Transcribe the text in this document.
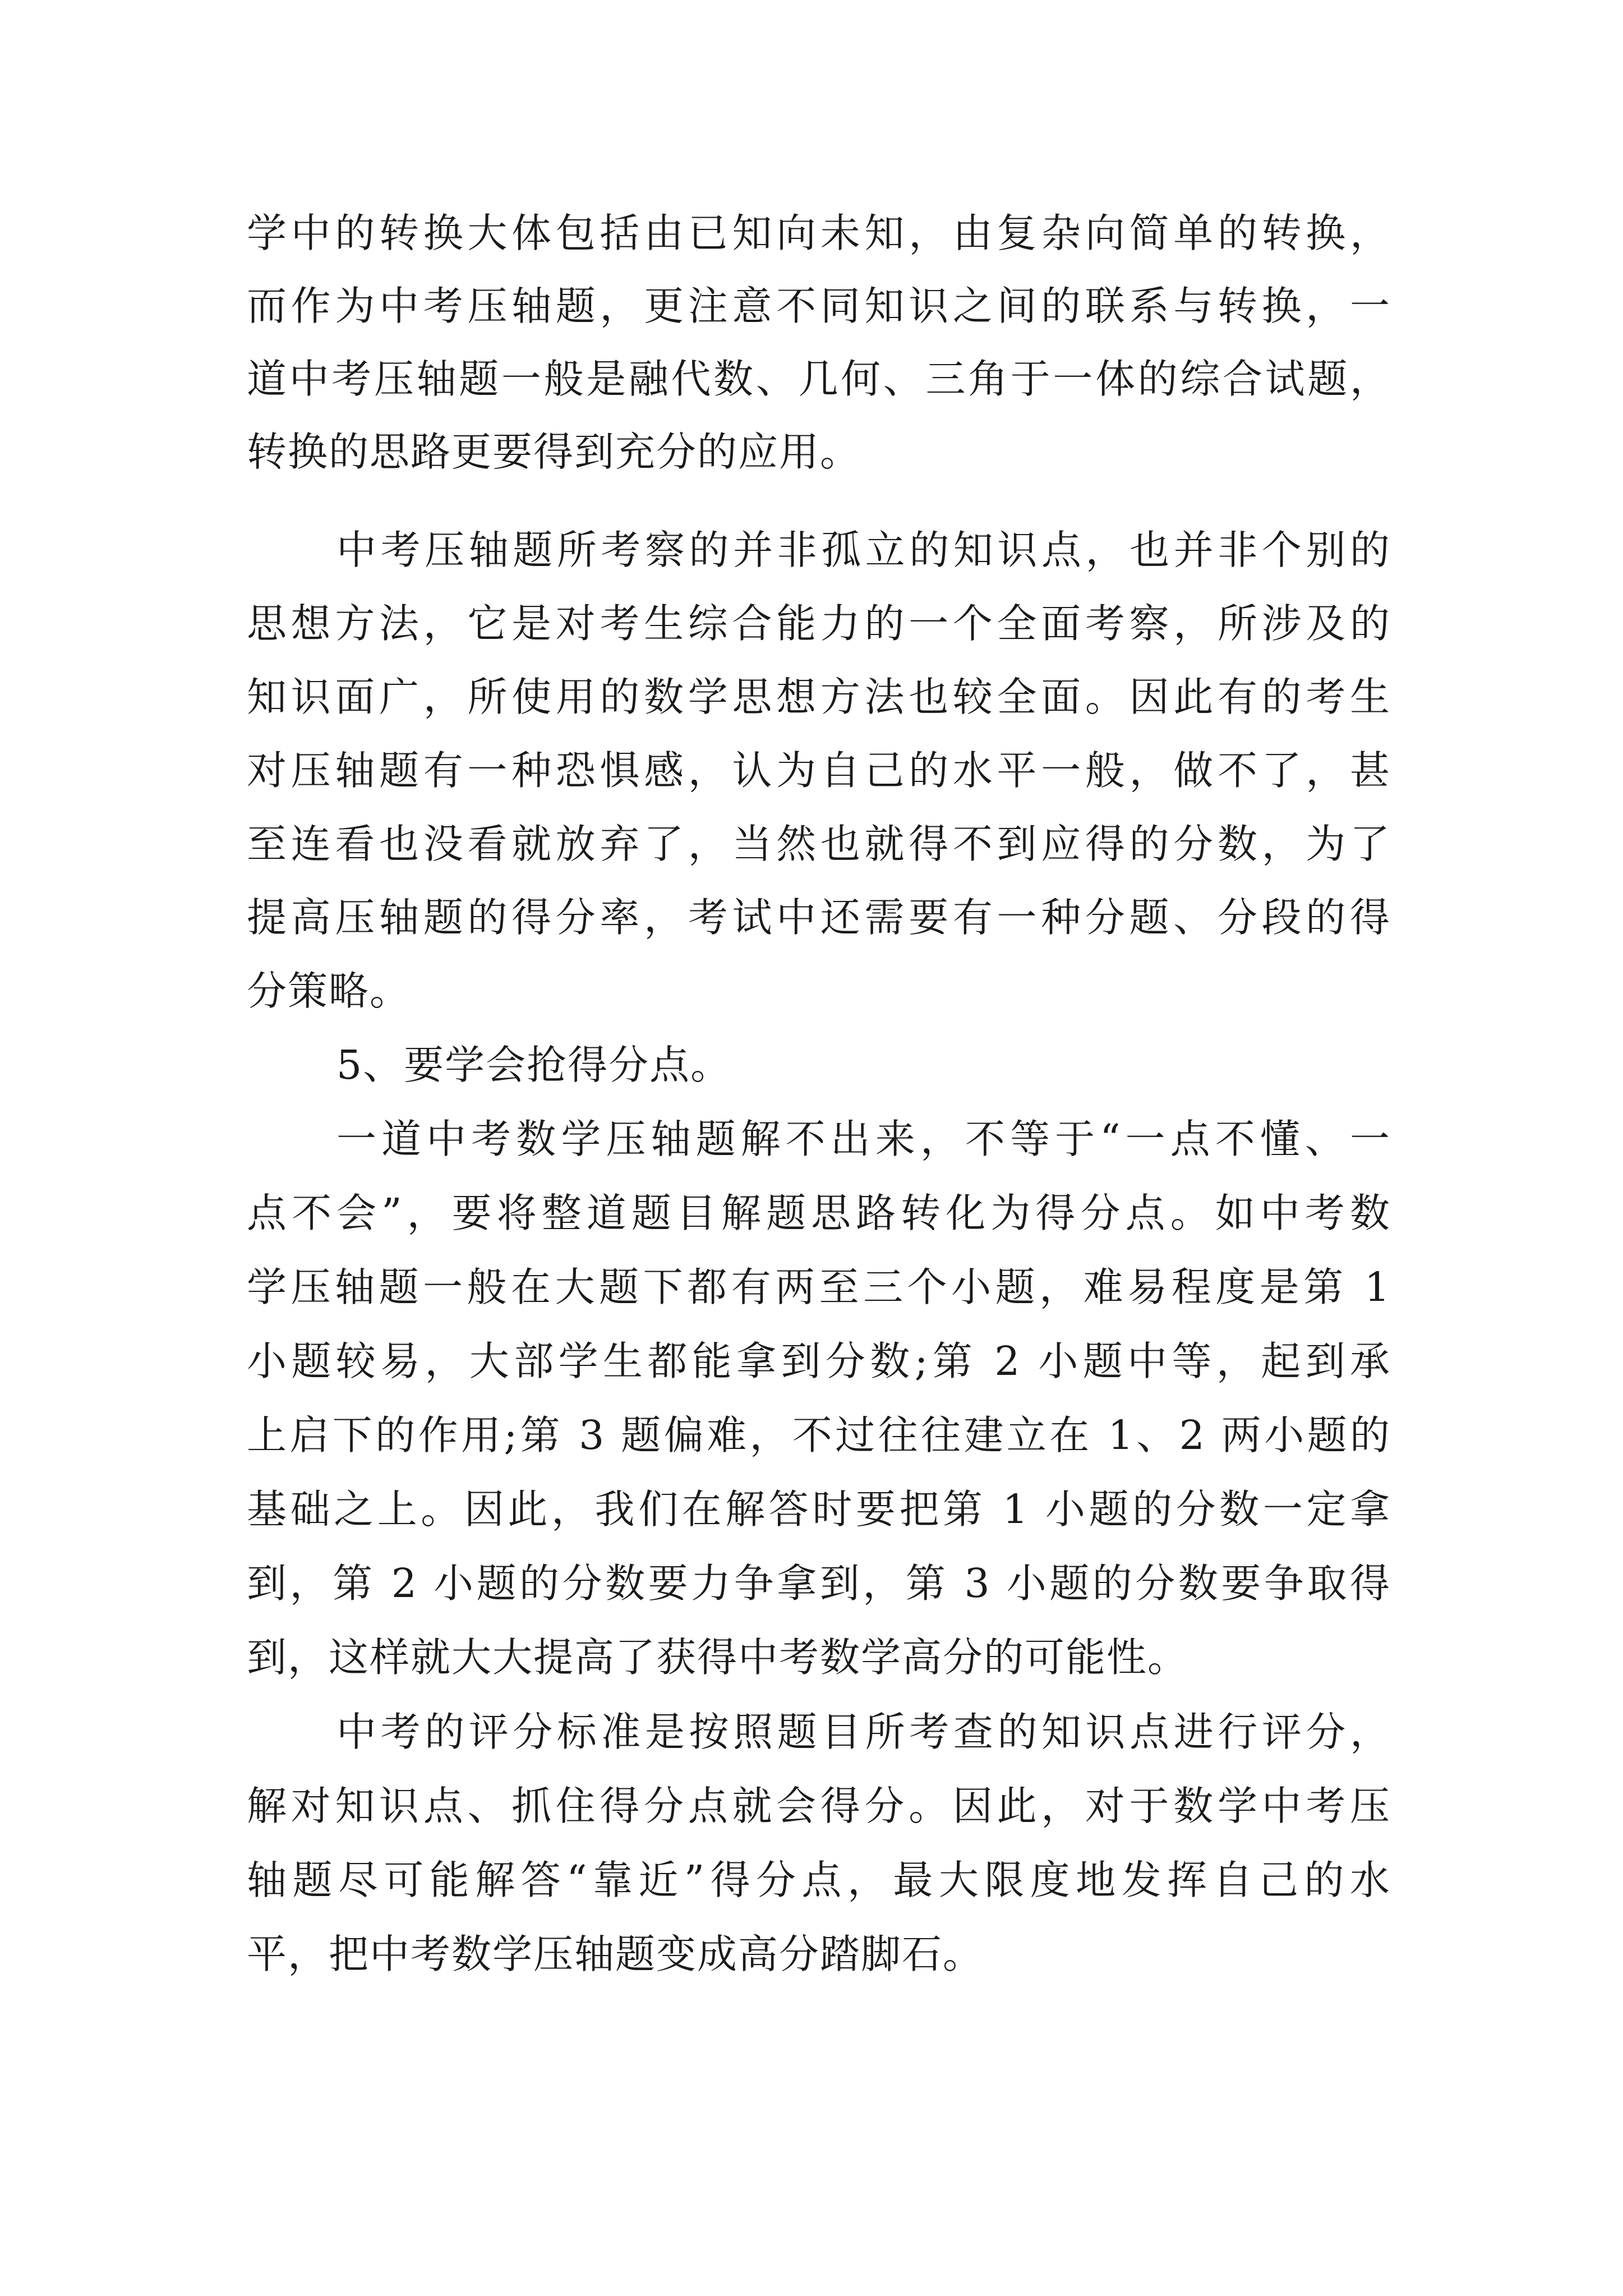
学中的转换大体包括由已知向未知，由复杂向简单的转换，

而作为中考压轴题，更注意不同知识之间的联系与转换，一

道中考压轴题一般是融代数、几何、三角于一体的综合试题，

转换的思路更要得到充分的应用。

中考压轴题所考察的并非孤立的知识点，也并非个别的

思想方法，它是对考生综合能力的一个全面考察，所涉及的

知识面广，所使用的数学思想方法也较全面。因此有的考生

对压轴题有一种恐惧感，认为自己的水平一般，做不了，甚

至连看也没看就放弃了，当然也就得不到应得的分数，为了

提高压轴题的得分率，考试中还需要有一种分题、分段的得

分策略。

5、要学会抢得分点。

一道中考数学压轴题解不出来，不等于“一点不懂、一

点不会”，要将整道题目解题思路转化为得分点。如中考数

学压轴题一般在大题下都有两至三个小题，难易程度是第 1

小题较易，大部学生都能拿到分数;第 2 小题中等，起到承

上启下的作用;第 3 题偏难，不过往往建立在 1、2 两小题的

基础之上。因此，我们在解答时要把第 1 小题的分数一定拿

到，第 2 小题的分数要力争拿到，第 3 小题的分数要争取得

到，这样就大大提高了获得中考数学高分的可能性。

中考的评分标准是按照题目所考查的知识点进行评分，

解对知识点、抓住得分点就会得分。因此，对于数学中考压

轴题尽可能解答“靠近”得分点，最大限度地发挥自己的水

平，把中考数学压轴题变成高分踏脚石。
